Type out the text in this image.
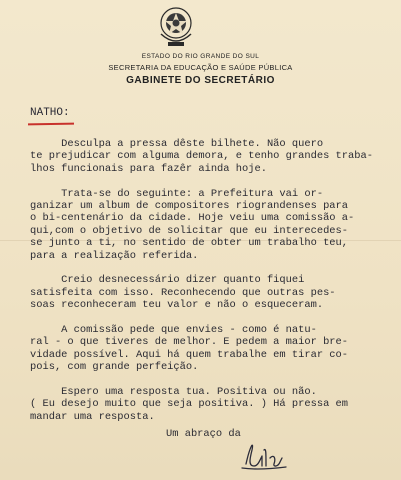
ESTADO DO RIO GRANDE DO SUL
SECRETARIA DA EDUCAÇÃO E SAÚDE PÚBLICA
GABINETE DO SECRETÁRIO
NATHO:
Desculpa a pressa dêste bilhete. Não quero
te prejudicar com alguma demora, e tenho grandes traba-
lhos funcionais para fazêr ainda hoje.
Trata-se do seguinte: a Prefeitura vai or-
ganizar um album de compositores riograndenses para
o bi-centenário da cidade. Hoje veiu uma comissão a-
qui,com o objetivo de solicitar que eu interecedes-
se junto a ti, no sentido de obter um trabalho teu,
para a realização referida.
Creio desnecessário dizer quanto fiquei
satisfeita com isso. Reconhecendo que outras pes-
soas reconheceram teu valor e não o esqueceram.
A comissão pede que envies - como é natu-
ral - o que tiveres de melhor. E pedem a maior bre-
vidade possível. Aqui há quem trabalhe em tirar co-
pois, com grande perfeição.
Espero uma resposta tua. Positiva ou não.
( Eu desejo muito que seja positiva. ) Há pressa em
mandar uma resposta.
Um abraço da
